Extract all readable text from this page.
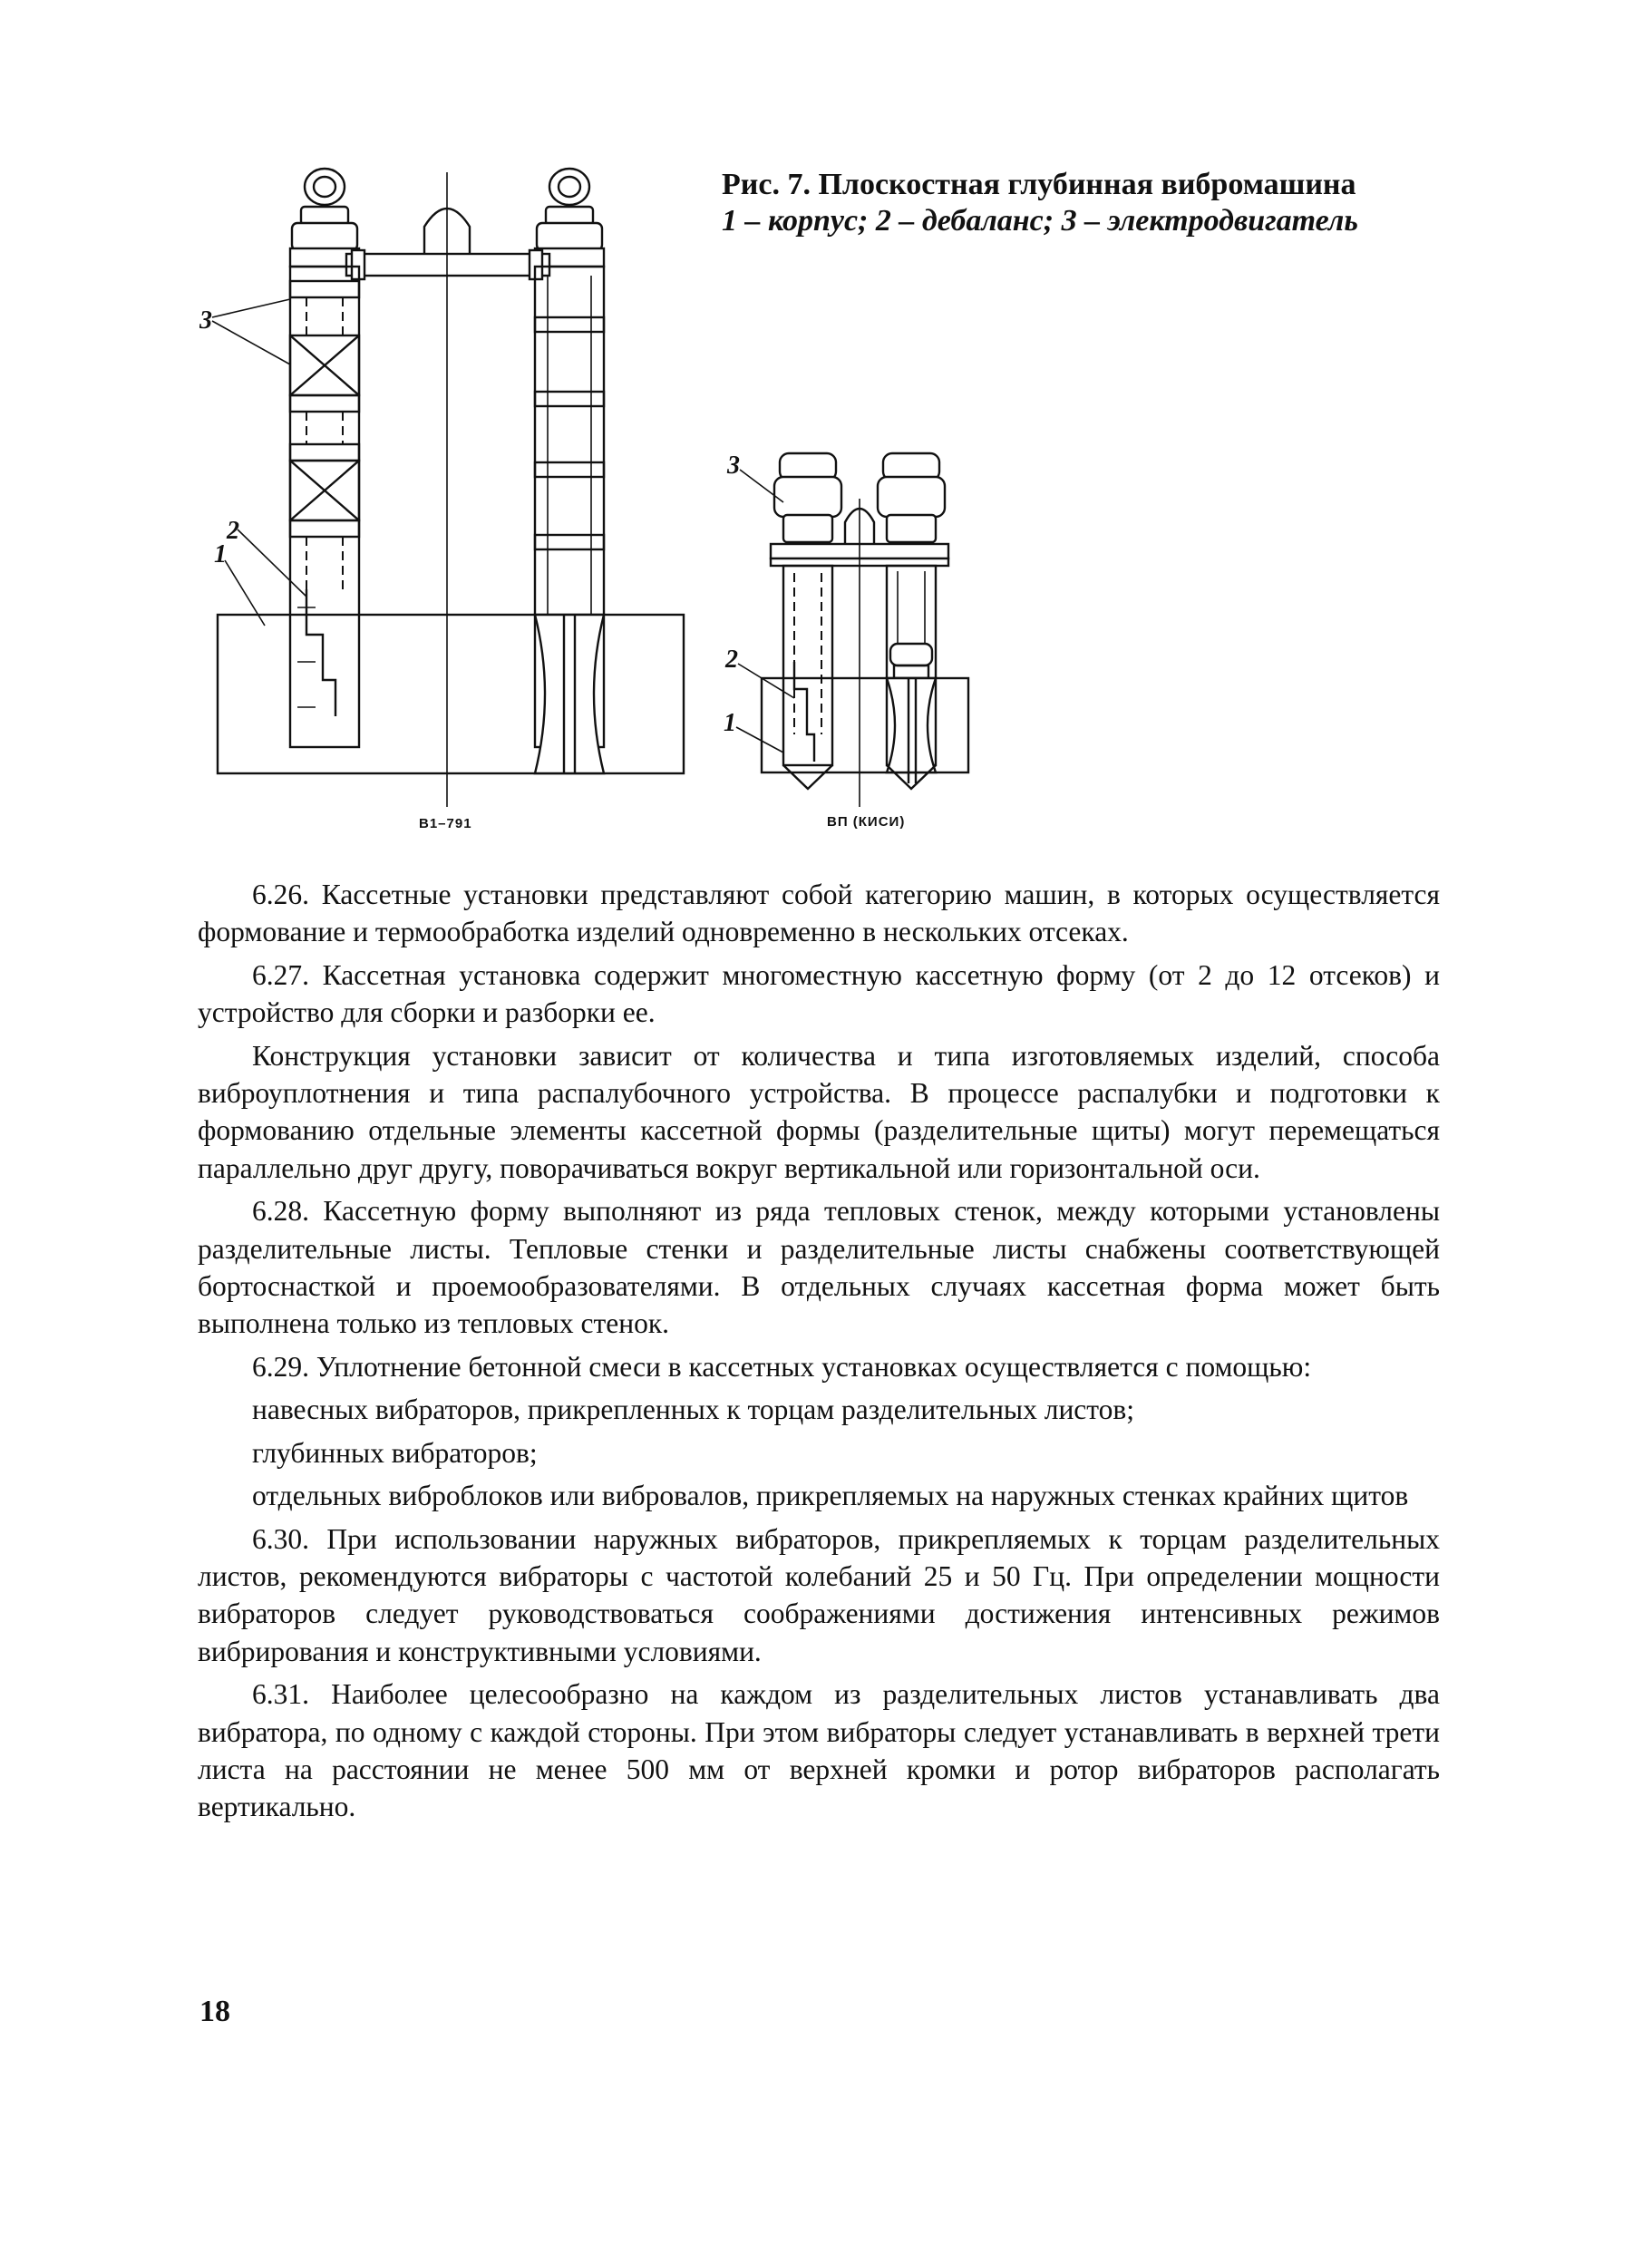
3
2
1
3
2
1
В1–791	ВП (КИСИ)
Рис. 7. Плоскостная глубинная вибромашина
1 – корпус; 2 – дебаланс; 3 – электродвигатель

6.26. Кассетные установки представляют собой категорию машин, в которых осуществляется формование и термообработка изделий одновременно в нескольких отсеках.

6.27. Кассетная установка содержит многоместную кассетную форму (от 2 до 12 отсеков) и устройство для сборки и разборки ее.

Конструкция установки зависит от количества и типа изготовляемых изделий, способа виброуплотнения и типа распалубочного устройства. В процессе распалубки и подготовки к формованию отдельные элементы кассетной формы (разделительные щиты) могут перемещаться параллельно друг другу, поворачиваться вокруг вертикальной или горизонтальной оси.

6.28. Кассетную форму выполняют из ряда тепловых стенок, между которыми установлены разделительные листы. Тепловые стенки и разделительные листы снабжены соответствующей бортоснасткой и проемообразователями. В отдельных случаях кассетная форма может быть выполнена только из тепловых стенок.

6.29. Уплотнение бетонной смеси в кассетных установках осуществляется с помощью:

навесных вибраторов, прикрепленных к торцам разделительных листов;

глубинных вибраторов;

отдельных виброблоков или вибровалов, прикрепляемых на наружных стенках крайних щитов

6.30. При использовании наружных вибраторов, прикрепляемых к торцам разделительных листов, рекомендуются вибраторы с частотой колебаний 25 и 50 Гц. При определении мощности вибраторов следует руководствоваться соображениями достижения интенсивных режимов вибрирования и конструктивными условиями.

6.31. Наиболее целесообразно на каждом из разделительных листов устанавливать два вибратора, по одному с каждой стороны. При этом вибраторы следует устанавливать в верхней трети листа на расстоянии не менее 500 мм от верхней кромки и ротор вибраторов располагать вертикально.

18
